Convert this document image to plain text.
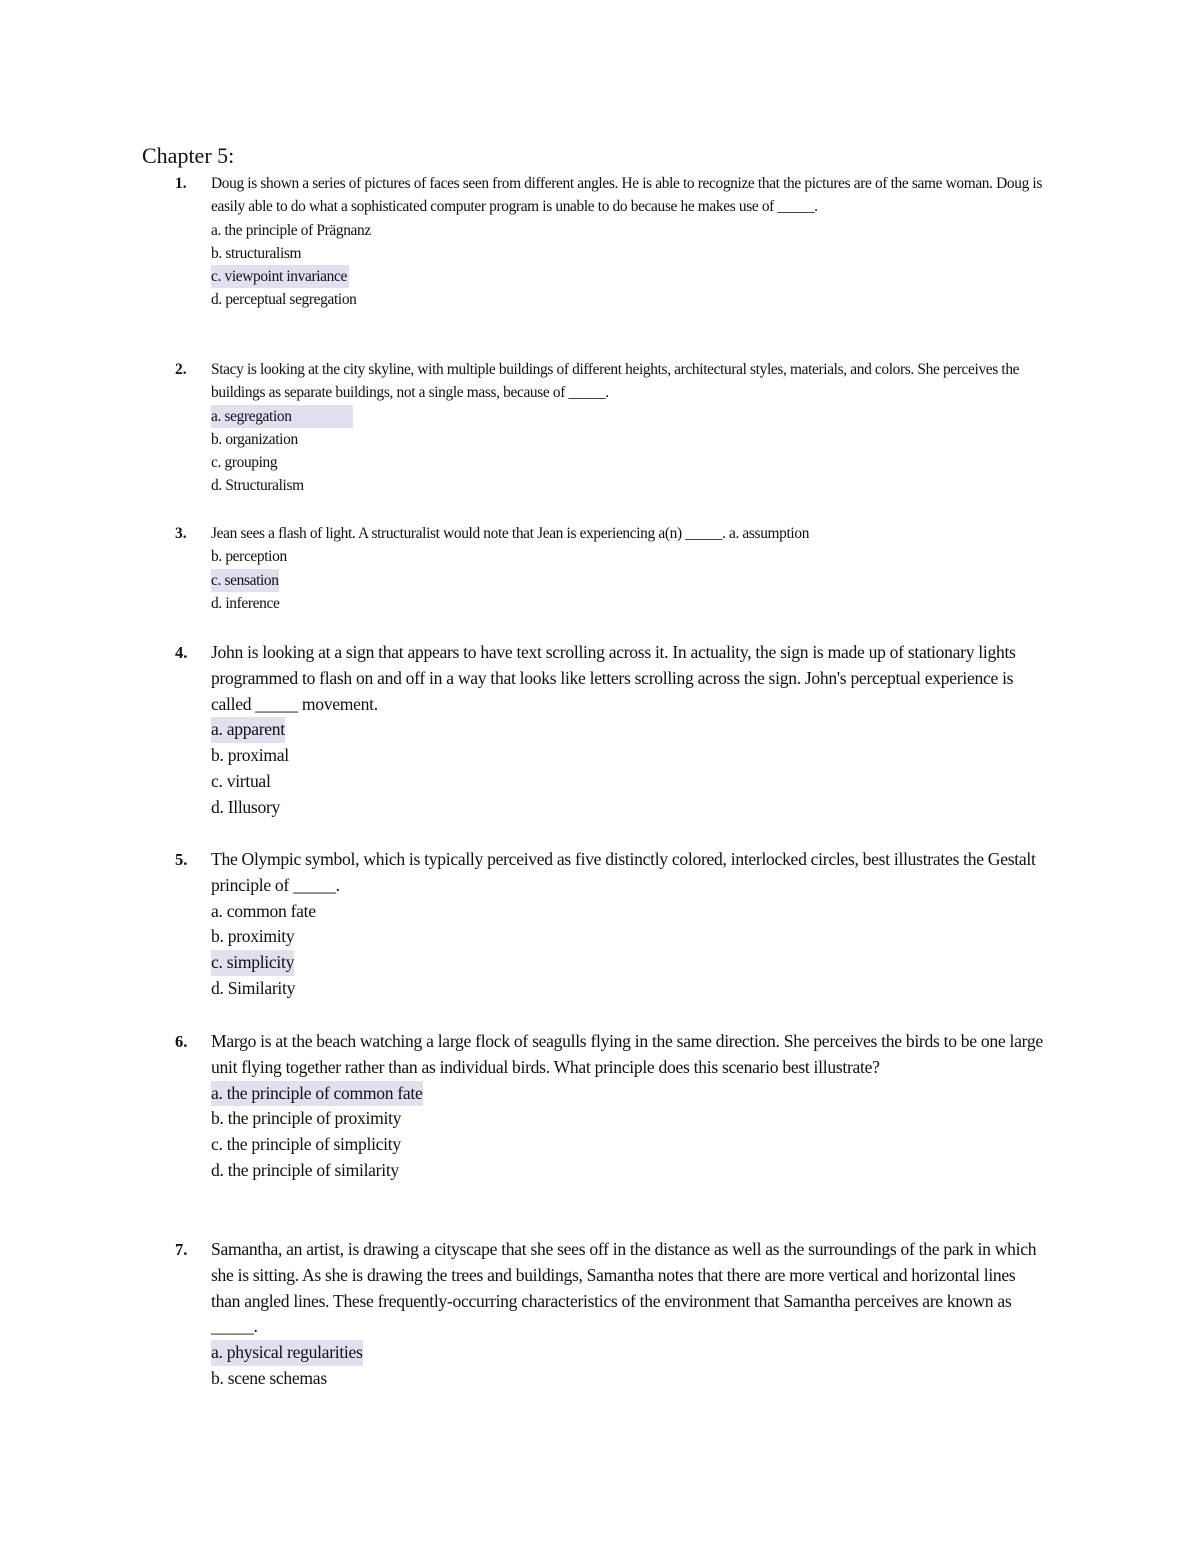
Chapter 5:
1. Doug is shown a series of pictures of faces seen from different angles. He is able to recognize that the pictures are of the same woman. Doug is easily able to do what a sophisticated computer program is unable to do because he makes use of _____.

a. the principle of Prägnanz
b. structuralism
c. viewpoint invariance
d. perceptual segregation
2. Stacy is looking at the city skyline, with multiple buildings of different heights, architectural styles, materials, and colors. She perceives the buildings as separate buildings, not a single mass, because of _____.

a. segregation
b. organization
c. grouping
d. Structuralism
3. Jean sees a flash of light. A structuralist would note that Jean is experiencing a(n) _____. a. assumption

b. perception
c. sensation
d. inference
4. John is looking at a sign that appears to have text scrolling across it. In actuality, the sign is made up of stationary lights programmed to flash on and off in a way that looks like letters scrolling across the sign. John's perceptual experience is called _____ movement.

a. apparent
b. proximal
c. virtual
d. Illusory
5. The Olympic symbol, which is typically perceived as five distinctly colored, interlocked circles, best illustrates the Gestalt principle of _____.

a. common fate
b. proximity
c. simplicity
d. Similarity
6. Margo is at the beach watching a large flock of seagulls flying in the same direction. She perceives the birds to be one large unit flying together rather than as individual birds. What principle does this scenario best illustrate?

a. the principle of common fate
b. the principle of proximity
c. the principle of simplicity
d. the principle of similarity
7. Samantha, an artist, is drawing a cityscape that she sees off in the distance as well as the surroundings of the park in which she is sitting. As she is drawing the trees and buildings, Samantha notes that there are more vertical and horizontal lines than angled lines. These frequently-occurring characteristics of the environment that Samantha perceives are known as _____.

a. physical regularities
b. scene schemas
